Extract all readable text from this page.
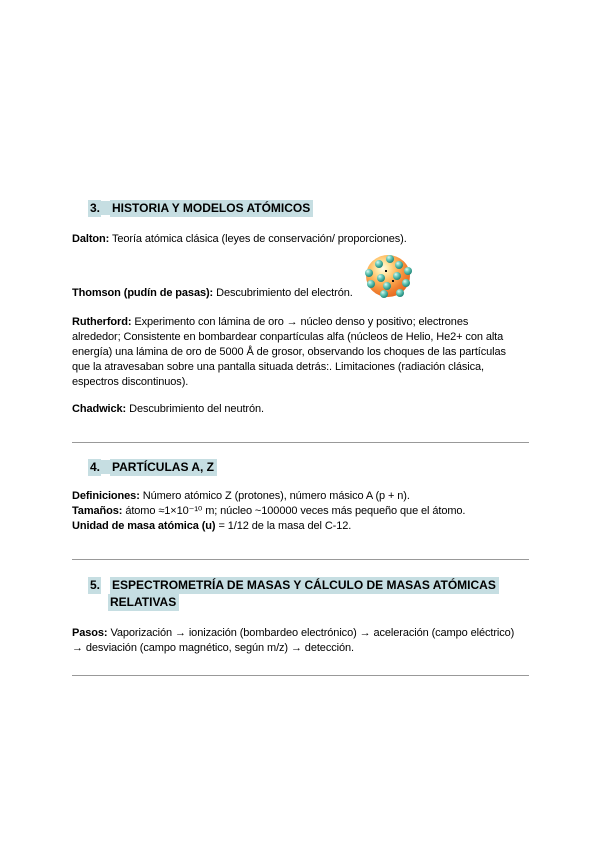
3. HISTORIA Y MODELOS ATÓMICOS
Dalton: Teoría atómica clásica (leyes de conservación/ proporciones).
Thomson (pudín de pasas): Descubrimiento del electrón.
Rutherford: Experimento con lámina de oro → núcleo denso y positivo; electrones
alrededor; Consistente en bombardear conpartículas alfa (núcleos de Helio, He2+ con alta
energía) una lámina de oro de 5000 Å de grosor, observando los choques de las partículas
que la atravesaban sobre una pantalla situada detrás:. Limitaciones (radiación clásica,
espectros discontinuos).
Chadwick: Descubrimiento del neutrón.
4. PARTÍCULAS A, Z
Definiciones: Número atómico Z (protones), número másico A (p + n).
Tamaños: átomo ≈1×10⁻¹⁰ m; núcleo ~100000 veces más pequeño que el átomo.
Unidad de masa atómica (u) = 1/12 de la masa del C-12.
5. ESPECTROMETRÍA DE MASAS Y CÁLCULO DE MASAS ATÓMICAS
RELATIVAS
Pasos: Vaporización → ionización (bombardeo electrónico) → aceleración (campo eléctrico)
→ desviación (campo magnético, según m/z) → detección.
